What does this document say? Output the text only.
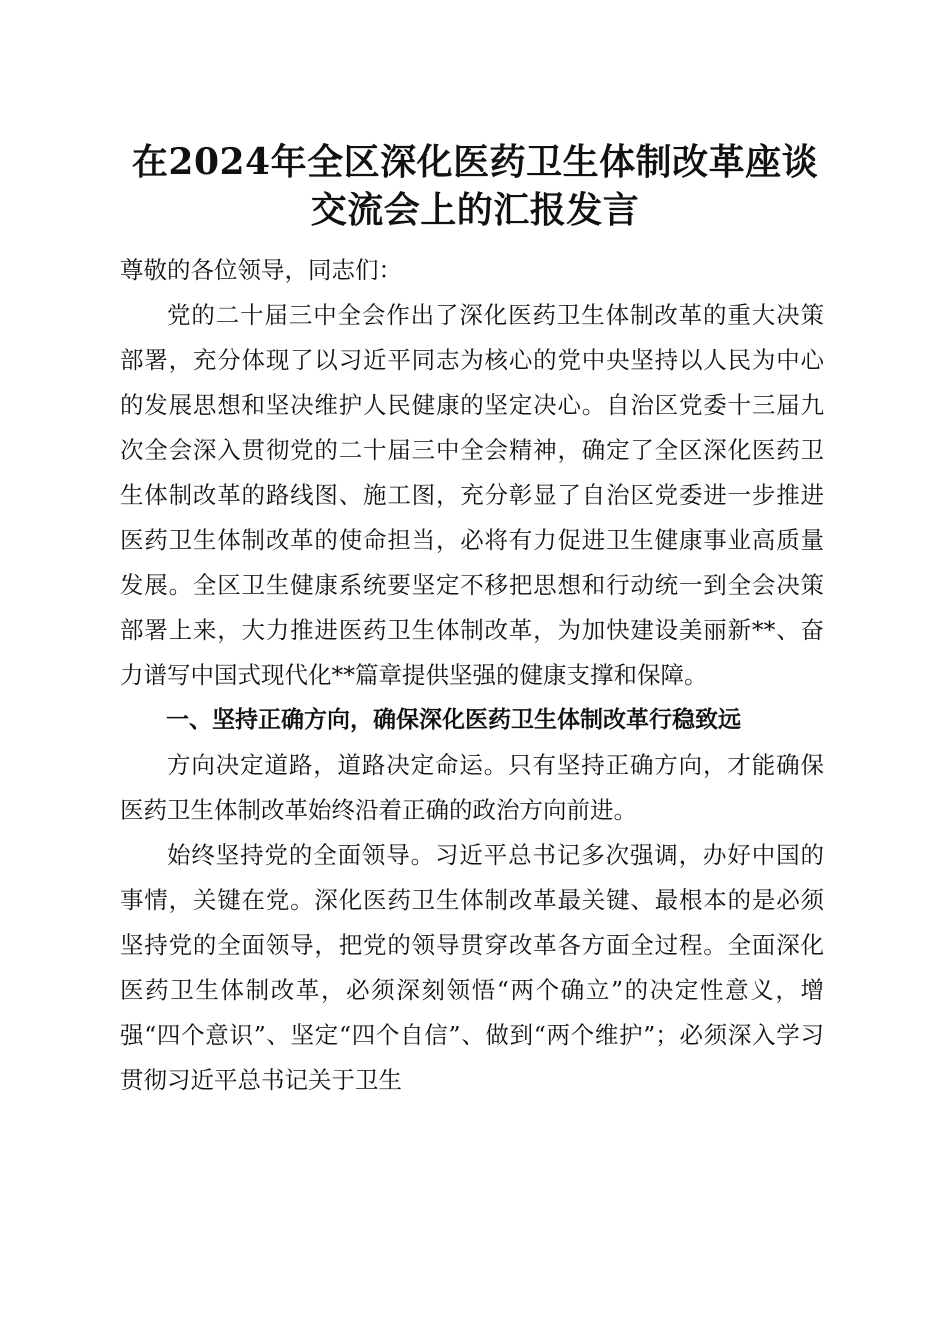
在2024年全区深化医药卫生体制改革座谈交流会上的汇报发言

尊敬的各位领导，同志们：

党的二十届三中全会作出了深化医药卫生体制改革的重大决策部署，充分体现了以习近平同志为核心的党中央坚持以人民为中心的发展思想和坚决维护人民健康的坚定决心。自治区党委十三届九次全会深入贯彻党的二十届三中全会精神，确定了全区深化医药卫生体制改革的路线图、施工图，充分彰显了自治区党委进一步推进医药卫生体制改革的使命担当，必将有力促进卫生健康事业高质量发展。全区卫生健康系统要坚定不移把思想和行动统一到全会决策部署上来，大力推进医药卫生体制改革，为加快建设美丽新**、奋力谱写中国式现代化**篇章提供坚强的健康支撑和保障。

一、坚持正确方向，确保深化医药卫生体制改革行稳致远

方向决定道路，道路决定命运。只有坚持正确方向，才能确保医药卫生体制改革始终沿着正确的政治方向前进。

始终坚持党的全面领导。习近平总书记多次强调，办好中国的事情，关键在党。深化医药卫生体制改革最关键、最根本的是必须坚持党的全面领导，把党的领导贯穿改革各方面全过程。全面深化医药卫生体制改革，必须深刻领悟“两个确立”的决定性意义，增强“四个意识”、坚定“四个自信”、做到“两个维护”；必须深入学习贯彻习近平总书记关于卫生
